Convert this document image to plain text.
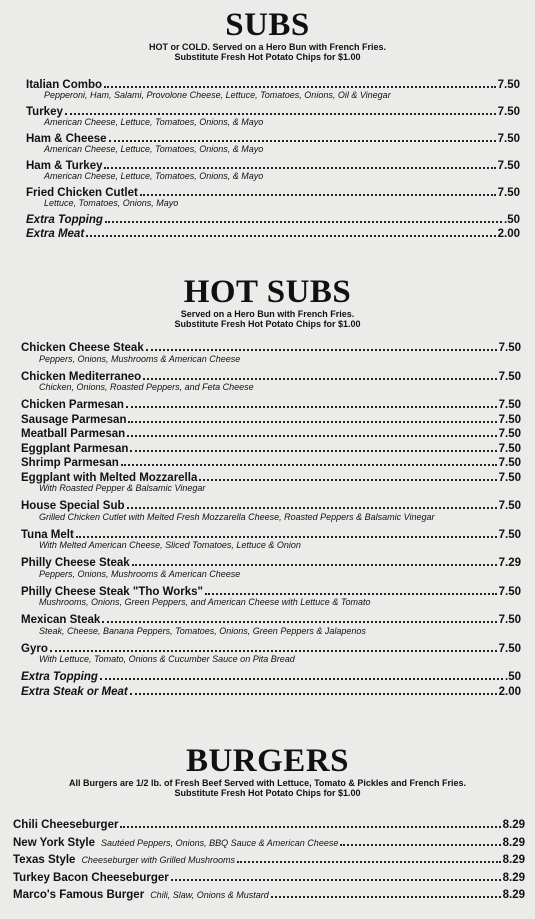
SUBS
HOT or COLD. Served on a Hero Bun with French Fries.
Substitute Fresh Hot Potato Chips for $1.00
Italian Combo	7.50
Pepperoni, Ham, Salami, Provolone Cheese, Lettuce, Tomatoes, Onions, Oil & Vinegar
Turkey	7.50
American Cheese, Lettuce, Tomatoes, Onions, & Mayo
Ham & Cheese	7.50
American Cheese, Lettuce, Tomatoes, Onions, & Mayo
Ham & Turkey	7.50
American Cheese, Lettuce, Tomatoes, Onions, & Mayo
Fried Chicken Cutlet	7.50
Lettuce, Tomatoes, Onions, Mayo
Extra Topping	.50
Extra Meat	2.00
HOT SUBS
Served on a Hero Bun with French Fries.
Substitute Fresh Hot Potato Chips for $1.00
Chicken Cheese Steak	7.50
Peppers, Onions, Mushrooms & American Cheese
Chicken Mediterraneo	7.50
Chicken, Onions, Roasted Peppers, and Feta Cheese
Chicken Parmesan	7.50
Sausage Parmesan	7.50
Meatball Parmesan	7.50
Eggplant Parmesan	7.50
Shrimp Parmesan	7.50
Eggplant with Melted Mozzarella	7.50
With Roasted Pepper & Balsamic Vinegar
House Special Sub	7.50
Grilled Chicken Cutlet with Melted Fresh Mozzarella Cheese, Roasted Peppers & Balsamic Vinegar
Tuna Melt	7.50
With Melted American Cheese, Sliced Tomatoes, Lettuce & Onion
Philly Cheese Steak	7.29
Peppers, Onions, Mushrooms & American Cheese
Philly Cheese Steak "Tho Works"	7.50
Mushrooms, Onions, Green Peppers, and American Cheese with Lettuce & Tomato
Mexican Steak	7.50
Steak, Cheese, Banana Peppers, Tomatoes, Onions, Green Peppers & Jalapenos
Gyro	7.50
With Lettuce, Tomato, Onions & Cucumber Sauce on Pita Bread
Extra Topping	.50
Extra Steak or Meat	2.00
BURGERS
All Burgers are 1/2 lb. of Fresh Beef Served with Lettuce, Tomato & Pickles and French Fries.
Substitute Fresh Hot Potato Chips for $1.00
Chili Cheeseburger	8.29
New York Style Sautéed Peppers, Onions, BBQ Sauce & American Cheese	8.29
Texas Style Cheeseburger with Grilled Mushrooms	8.29
Turkey Bacon Cheeseburger	8.29
Marco's Famous Burger Chili, Slaw, Onions & Mustard	8.29
